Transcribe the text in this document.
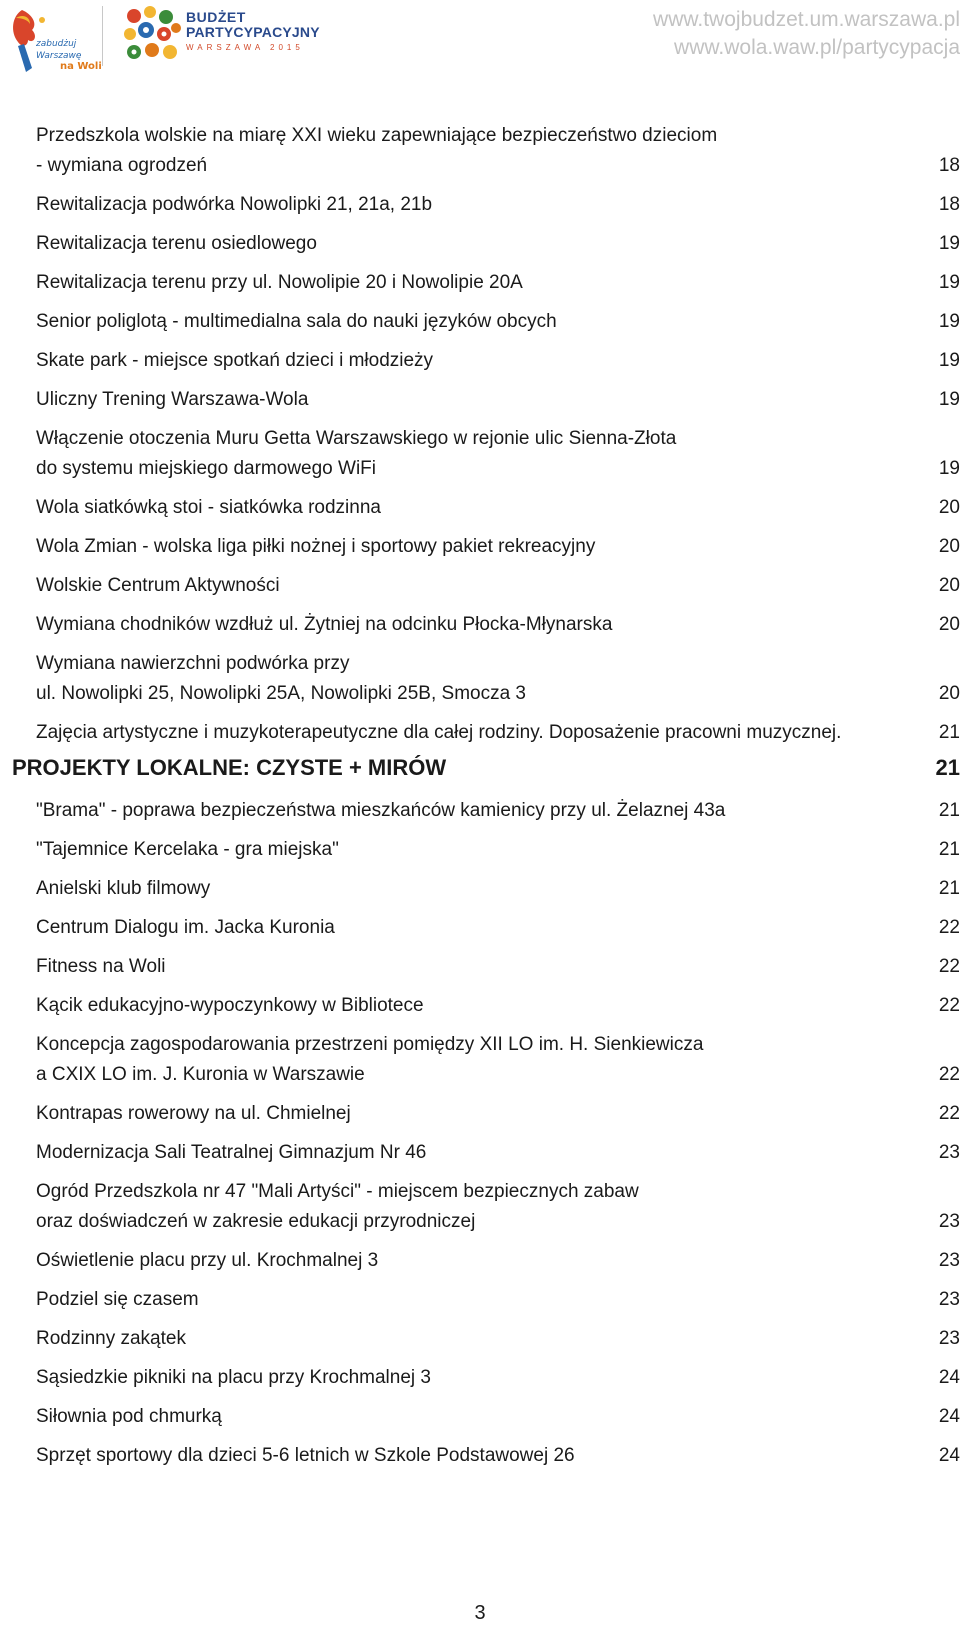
zabudżuj
Warszawę
na Woli
BUDŻET
PARTYCYPACYJNY
WARSZAWA 2015
www.twojbudzet.um.warszawa.pl
www.wola.waw.pl/partycypacja
Przedszkola wolskie na miarę XXI wieku zapewniające bezpieczeństwo dzieciom
- wymiana ogrodzeń	18
Rewitalizacja podwórka Nowolipki 21, 21a, 21b	18
Rewitalizacja terenu osiedlowego	19
Rewitalizacja terenu przy ul. Nowolipie 20 i Nowolipie 20A	19
Senior poliglotą - multimedialna sala do nauki języków obcych	19
Skate park - miejsce spotkań dzieci i młodzieży	19
Uliczny Trening Warszawa-Wola	19
Włączenie otoczenia Muru Getta Warszawskiego w rejonie ulic Sienna-Złota
do systemu miejskiego darmowego WiFi	19
Wola siatkówką stoi - siatkówka rodzinna	20
Wola Zmian - wolska liga piłki nożnej i sportowy pakiet rekreacyjny	20
Wolskie Centrum Aktywności	20
Wymiana chodników wzdłuż ul. Żytniej na odcinku Płocka-Młynarska	20
Wymiana nawierzchni podwórka przy
ul. Nowolipki 25, Nowolipki 25A, Nowolipki 25B, Smocza 3	20
Zajęcia artystyczne i muzykoterapeutyczne dla całej rodziny. Doposażenie pracowni muzycznej.	21
PROJEKTY LOKALNE: CZYSTE + MIRÓW	21
"Brama" - poprawa bezpieczeństwa mieszkańców kamienicy przy ul. Żelaznej 43a	21
"Tajemnice Kercelaka - gra miejska"	21
Anielski klub filmowy	21
Centrum Dialogu im. Jacka Kuronia	22
Fitness na Woli	22
Kącik edukacyjno-wypoczynkowy w Bibliotece	22
Koncepcja zagospodarowania przestrzeni pomiędzy XII LO im. H. Sienkiewicza
a CXIX LO im. J. Kuronia w Warszawie	22
Kontrapas rowerowy na ul. Chmielnej	22
Modernizacja Sali Teatralnej Gimnazjum Nr 46	23
Ogród Przedszkola nr 47 "Mali Artyści" - miejscem bezpiecznych zabaw
oraz doświadczeń w zakresie edukacji przyrodniczej	23
Oświetlenie placu przy ul. Krochmalnej 3	23
Podziel się czasem	23
Rodzinny zakątek	23
Sąsiedzkie pikniki na placu przy Krochmalnej 3	24
Siłownia pod chmurką	24
Sprzęt sportowy dla dzieci 5-6 letnich w Szkole Podstawowej 26	24
3
